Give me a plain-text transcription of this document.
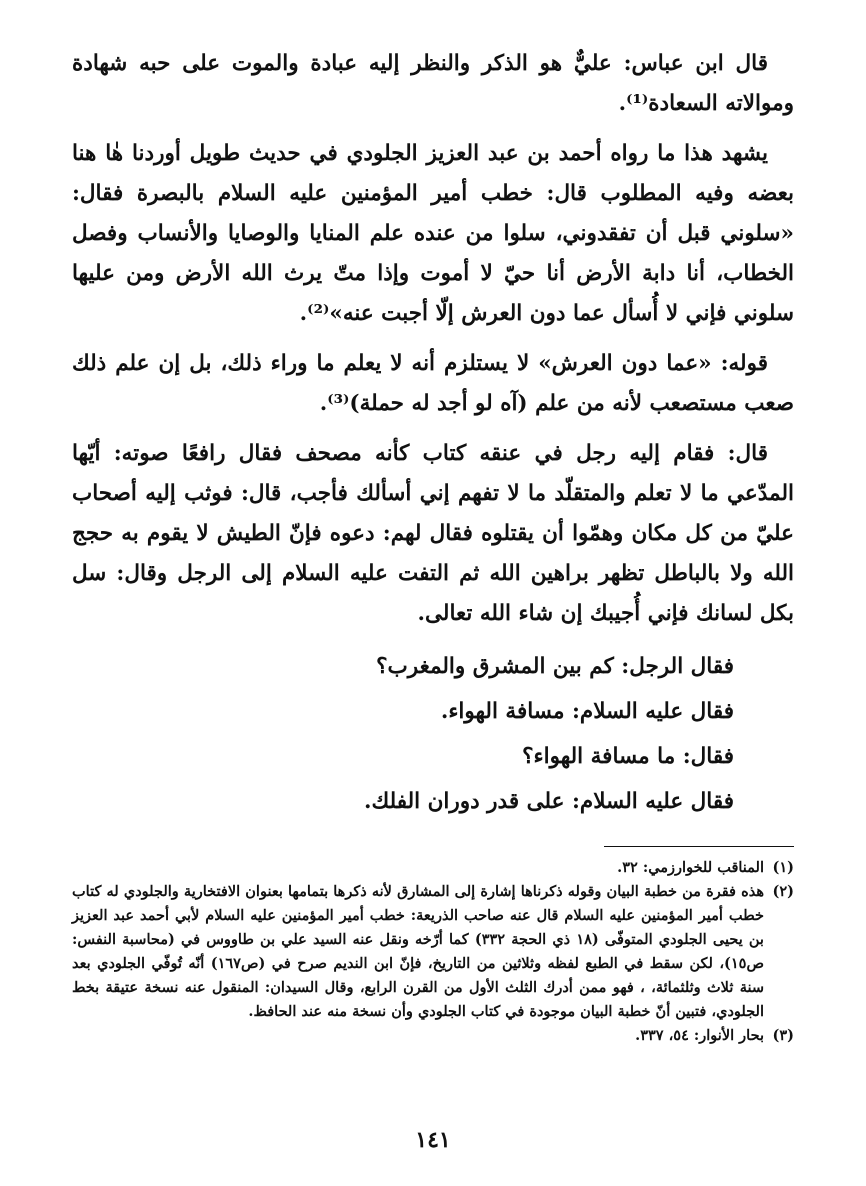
قال ابن عباس: عليٌّ هو الذكر والنظر إليه عبادة والموت على حبه شهادة وموالاته السعادة⁽¹⁾.

يشهد هذا ما رواه أحمد بن عبد العزيز الجلودي في حديث طويل أوردنا هٰا هنا بعضه وفيه المطلوب قال: خطب أمير المؤمنين عليه السلام بالبصرة فقال: «سلوني قبل أن تفقدوني، سلوا من عنده علم المنايا والوصايا والأنساب وفصل الخطاب، أنا دابة الأرض أنا حيّ لا أموت وإذا متّ يرث الله الأرض ومن عليها سلوني فإني لا أُسأل عما دون العرش إلّا أجبت عنه»⁽²⁾.

قوله: «عما دون العرش» لا يستلزم أنه لا يعلم ما وراء ذلك، بل إن علم ذلك صعب مستصعب لأنه من علم (آه لو أجد له حملة)⁽³⁾.

قال: فقام إليه رجل في عنقه كتاب كأنه مصحف فقال رافعًا صوته: أيّها المدّعي ما لا تعلم والمتقلّد ما لا تفهم إني أسألك فأجب، قال: فوثب إليه أصحاب عليّ من كل مكان وهمّوا أن يقتلوه فقال لهم: دعوه فإنّ الطيش لا يقوم به حجج الله ولا بالباطل تظهر براهين الله ثم التفت عليه السلام إلى الرجل وقال: سل بكل لسانك فإني أُجيبك إن شاء الله تعالى.

فقال الرجل: كم بين المشرق والمغرب؟
فقال عليه السلام: مسافة الهواء.
فقال: ما مسافة الهواء؟
فقال عليه السلام: على قدر دوران الفلك.
(١)
المناقب للخوارزمي: ٣٢.
(٢)
هذه فقرة من خطبة البيان وقوله ذكرناها إشارة إلى المشارق لأنه ذكرها بتمامها بعنوان الافتخارية والجلودي له كتاب خطب أمير المؤمنين عليه السلام قال عنه صاحب الذريعة: خطب أمير المؤمنين عليه السلام لأبي أحمد عبد العزيز بن يحيى الجلودي المتوفّى (١٨ ذي الحجة ٣٣٢) كما أرّخه ونقل عنه السيد علي بن طاووس في (محاسبة النفس: ص١٥)، لكن سقط في الطبع لفظه وثلاثين من التاريخ، فإنّ ابن النديم صرح في (ص١٦٧) أنّه تُوفّي الجلودي بعد سنة ثلاث وثلثمائة، ، فهو ممن أدرك الثلث الأول من القرن الرابع، وقال السيدان: المنقول عنه نسخة عتيقة بخط الجلودي، فتبين أنّ خطبة البيان موجودة في كتاب الجلودي وأن نسخة منه عند الحافظ.
(٣)
بحار الأنوار: ٥٤، ٣٣٧.
١٤١
